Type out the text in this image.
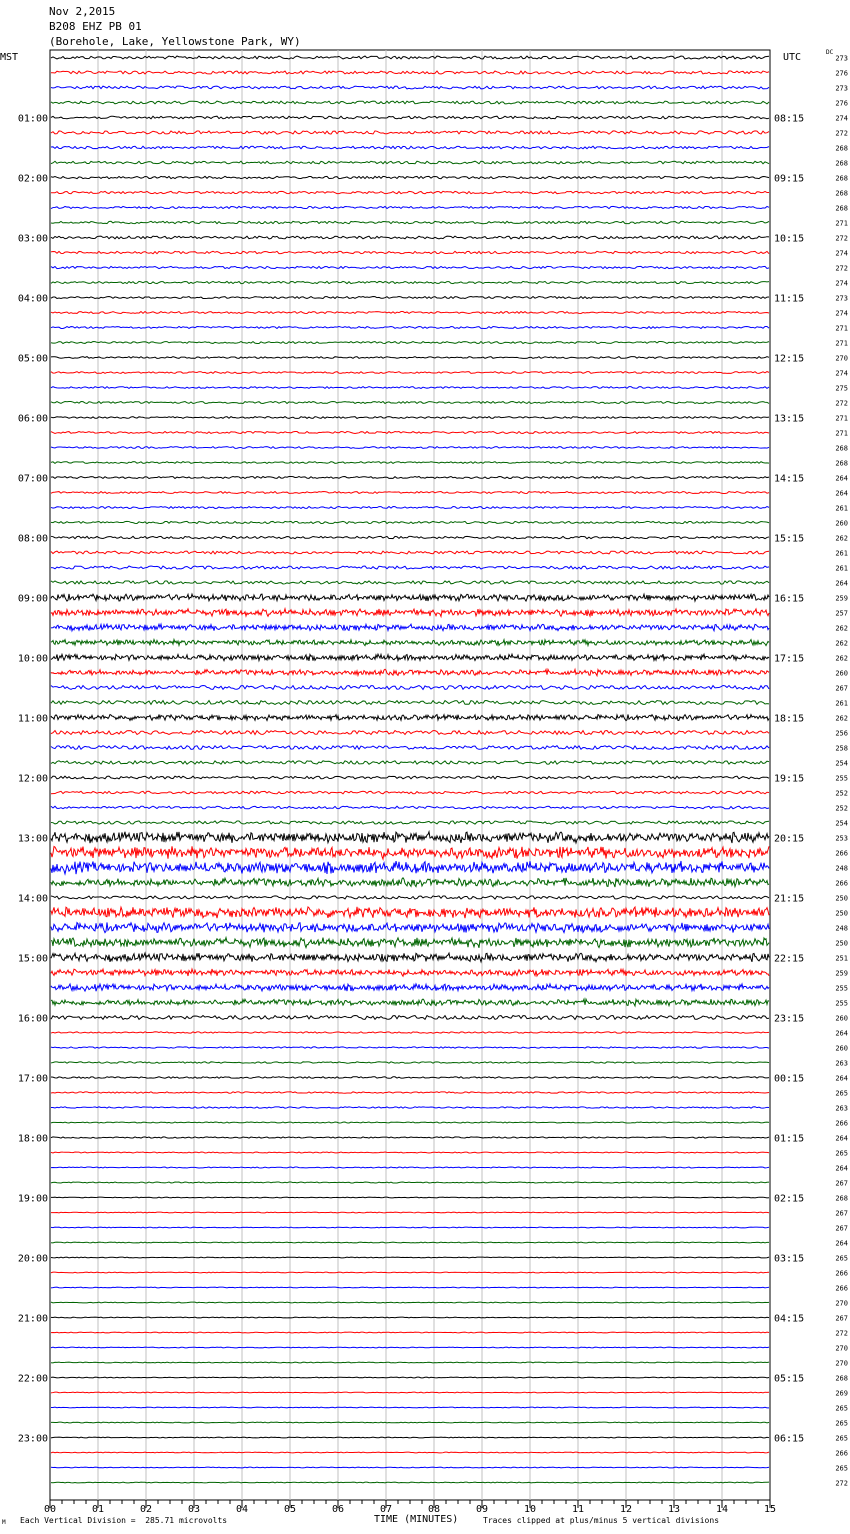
Nov 2,2015
B208 EHZ PB 01
(Borehole, Lake, Yellowstone Park, WY)
MST	UTC	DC
TIME (MINUTES)
00	01	02	03	04	05	06	07	08	09	10	11	12	13	14	15
273
276
273
276
274
272
268
268
268
268
268
271
272
274
272
274
273
274
271
271
270
274
275
272
271
271
268
268
264
264
261
260
262
261
261
264
259
257
262
262
262
260
267
261
262
256
258
254
255
252
252
254
253
266
248
266
250
250
248
250
251
259
255
255
260
264
260
263
264
265
263
266
264
265
264
267
268
267
267
264
265
266
266
270
267
272
270
270
268
269
265
265
265
266
265
272
01:00	08:15
02:00	09:15
03:00	10:15
04:00	11:15
05:00	12:15
06:00	13:15
07:00	14:15
08:00	15:15
09:00	16:15
10:00	17:15
11:00	18:15
12:00	19:15
13:00	20:15
14:00	21:15
15:00	22:15
16:00	23:15
17:00	00:15
18:00	01:15
19:00	02:15
20:00	03:15
21:00	04:15
22:00	05:15
23:00	06:15
M Each Vertical Division =  285.71 microvolts	Traces clipped at plus/minus 5 vertical divisions
